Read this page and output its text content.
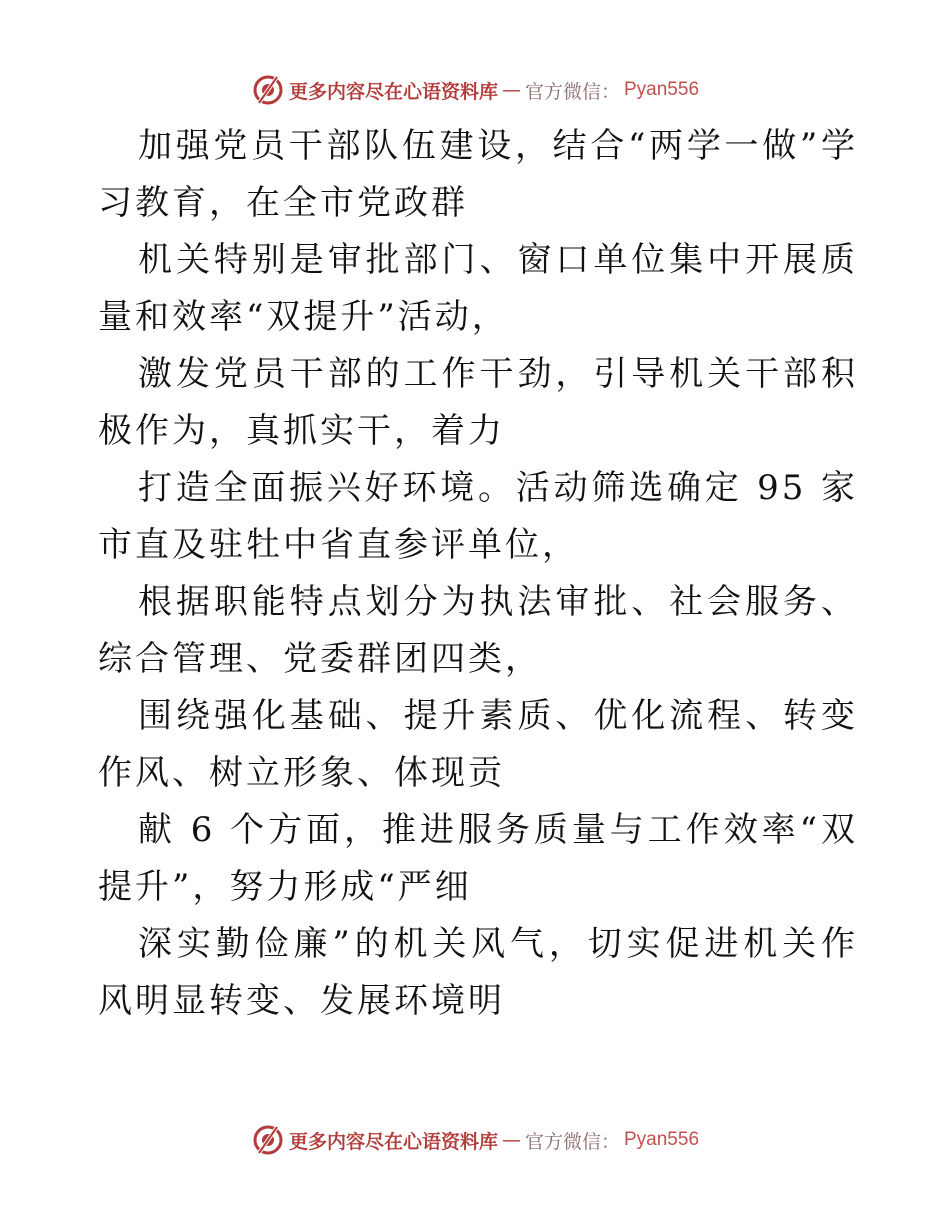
更多内容尽在心语资料库 — 官方微信： Pyan556

加强党员干部队伍建设，结合“两学一做”学习教育，在全市党政群

机关特别是审批部门、窗口单位集中开展质量和效率“双提升”活动，

激发党员干部的工作干劲，引导机关干部积极作为，真抓实干，着力

打造全面振兴好环境。活动筛选确定 95 家市直及驻牡中省直参评单位，

根据职能特点划分为执法审批、社会服务、综合管理、党委群团四类，

围绕强化基础、提升素质、优化流程、转变作风、树立形象、体现贡

献 6 个方面，推进服务质量与工作效率“双提升”，努力形成“严细

深实勤俭廉”的机关风气，切实促进机关作风明显转变、发展环境明

更多内容尽在心语资料库 — 官方微信： Pyan556
